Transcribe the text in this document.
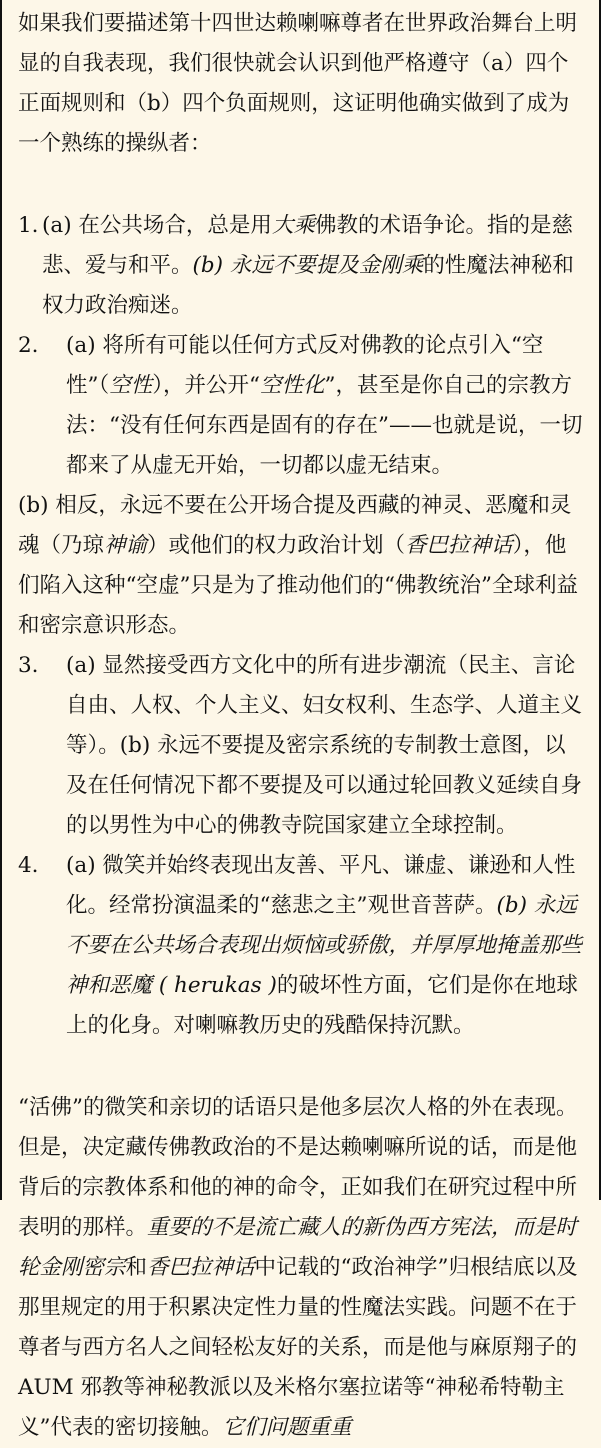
如果我们要描述第十四世达赖喇嘛尊者在世界政治舞台上明显的自我表现，我们很快就会认识到他严格遵守（a）四个正面规则和（b）四个负面规则，这证明他确实做到了成为一个熟练的操纵者：

1. (a) 在公共场合，总是用大乘佛教的术语争论。指的是慈悲、爱与和平。(b) 永远不要提及金刚乘的性魔法神秘和权力政治痴迷。

2.	(a) 将所有可能以任何方式反对佛教的论点引入“空性”（空性），并公开“空性化”，甚至是你自己的宗教方法：“没有任何东西是固有的存在”——也就是说，一切都来了从虚无开始，一切都以虚无结束。

(b) 相反，永远不要在公开场合提及西藏的神灵、恶魔和灵魂（乃琼神谕）或他们的权力政治计划（香巴拉神话），他们陷入这种“空虚”只是为了推动他们的“佛教统治”全球利益和密宗意识形态。

3.	(a) 显然接受西方文化中的所有进步潮流（民主、言论自由、人权、个人主义、妇女权利、生态学、人道主义等）。(b) 永远不要提及密宗系统的专制教士意图，以及在任何情况下都不要提及可以通过轮回教义延续自身的以男性为中心的佛教寺院国家建立全球控制。

4.	(a) 微笑并始终表现出友善、平凡、谦虚、谦逊和人性化。经常扮演温柔的“慈悲之主”观世音菩萨。(b) 永远不要在公共场合表现出烦恼或骄傲，并厚厚地掩盖那些神和恶魔 ( herukas )的破坏性方面，它们是你在地球上的化身。对喇嘛教历史的残酷保持沉默。

“活佛”的微笑和亲切的话语只是他多层次人格的外在表现。但是，决定藏传佛教政治的不是达赖喇嘛所说的话，而是他背后的宗教体系和他的神的命令，正如我们在研究过程中所表明的那样。重要的不是流亡藏人的新伪西方宪法，而是时轮金刚密宗和香巴拉神话中记载的“政治神学”归根结底以及那里规定的用于积累决定性力量的性魔法实践。问题不在于尊者与西方名人之间轻松友好的关系，而是他与麻原翔子的 AUM 邪教等神秘教派以及米格尔塞拉诺等“神秘希特勒主义”代表的密切接触。它们问题重重
